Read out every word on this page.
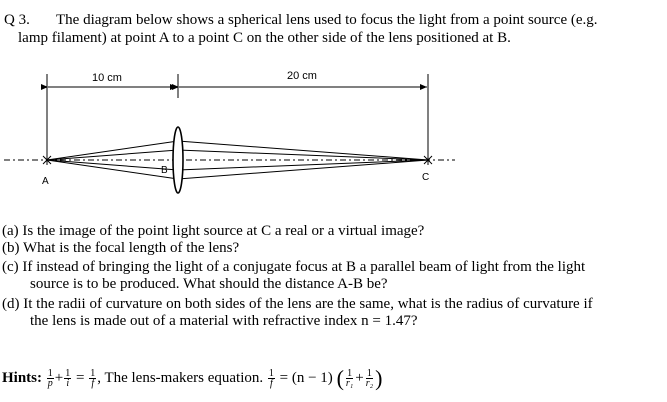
Q 3. The diagram below shows a spherical lens used to focus the light from a point source (e.g.
lamp filament) at point A to a point C on the other side of the lens positioned at B.
10 cm	20 cm
A
B
C
(a) Is the image of the point light source at C a real or a virtual image?
(b) What is the focal length of the lens?
(c) If instead of bringing the light of a conjugate focus at B a parallel beam of light from the light
source is to be produced. What should the distance A-B be?
(d) It the radii of curvature on both sides of the lens are the same, what is the radius of curvature if
the lens is made out of a material with refractive index n = 1.47?
Hints: $\frac{1}{p} + \frac{1}{i} = \frac{1}{f}$ , The lens-makers equation. $\frac{1}{f} = (n - 1)$ ( $\frac{1}{\text{r₁}} + \frac{1}{\text{r₂}}$ )
